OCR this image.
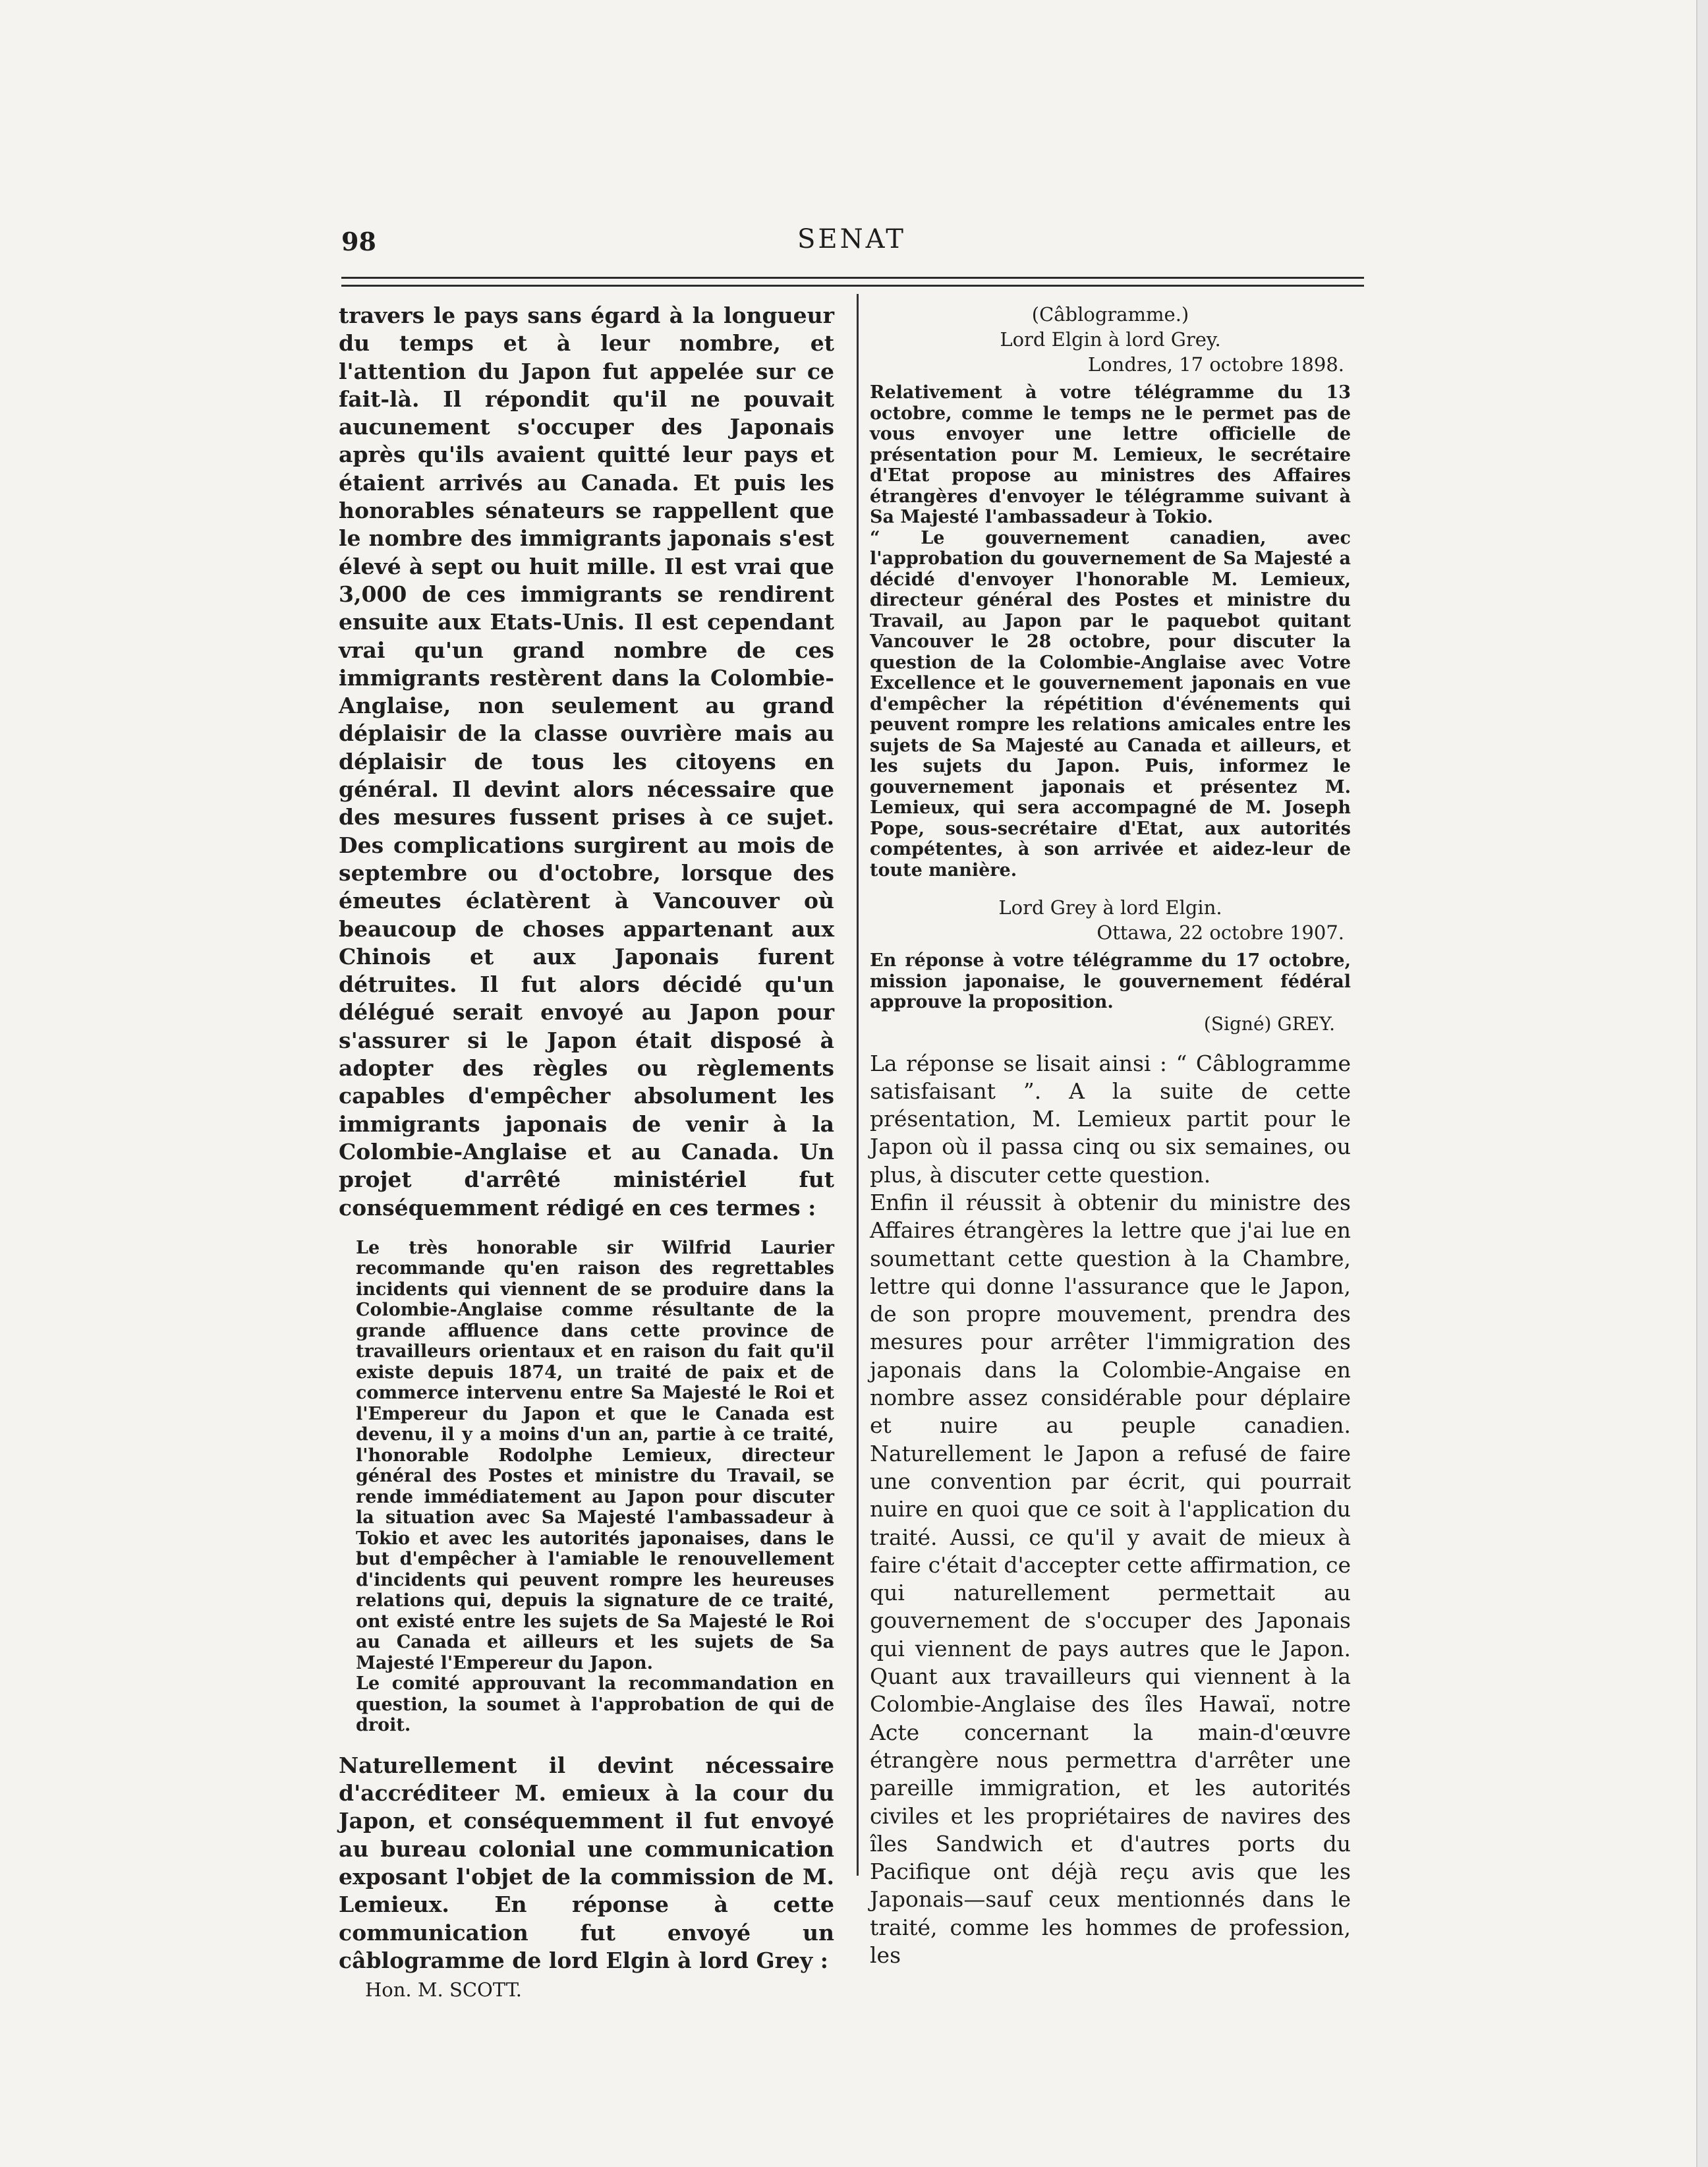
98	SENAT

travers le pays sans égard à la longueur du temps et à leur nombre, et l'attention du Japon fut appelée sur ce fait-là. Il répondit qu'il ne pouvait aucunement s'occuper des Japonais après qu'ils avaient quitté leur pays et étaient arrivés au Canada. Et puis les honorables sénateurs se rappellent que le nombre des immigrants japonais s'est élevé à sept ou huit mille. Il est vrai que 3,000 de ces immigrants se rendirent ensuite aux Etats-Unis. Il est cependant vrai qu'un grand nombre de ces immigrants restèrent dans la Colombie-Anglaise, non seulement au grand déplaisir de la classe ouvrière mais au déplaisir de tous les citoyens en général. Il devint alors nécessaire que des mesures fussent prises à ce sujet. Des complications surgirent au mois de septembre ou d'octobre, lorsque des émeutes éclatèrent à Vancouver où beaucoup de choses appartenant aux Chinois et aux Japonais furent détruites. Il fut alors décidé qu'un délégué serait envoyé au Japon pour s'assurer si le Japon était disposé à adopter des règles ou règlements capables d'empêcher absolument les immigrants japonais de venir à la Colombie-Anglaise et au Canada. Un projet d'arrêté ministériel fut conséquemment rédigé en ces termes :

Le très honorable sir Wilfrid Laurier recommande qu'en raison des regrettables incidents qui viennent de se produire dans la Colombie-Anglaise comme résultante de la grande affluence dans cette province de travailleurs orientaux et en raison du fait qu'il existe depuis 1874, un traité de paix et de commerce intervenu entre Sa Majesté le Roi et l'Empereur du Japon et que le Canada est devenu, il y a moins d'un an, partie à ce traité, l'honorable Rodolphe Lemieux, directeur général des Postes et ministre du Travail, se rende immédiatement au Japon pour discuter la situation avec Sa Majesté l'ambassadeur à Tokio et avec les autorités japonaises, dans le but d'empêcher à l'amiable le renouvellement d'incidents qui peuvent rompre les heureuses relations qui, depuis la signature de ce traité, ont existé entre les sujets de Sa Majesté le Roi au Canada et ailleurs et les sujets de Sa Majesté l'Empereur du Japon.

Le comité approuvant la recommandation en question, la soumet à l'approbation de qui de droit.

Naturellement il devint nécessaire d'accréditeer M. emieux à la cour du Japon, et conséquemment il fut envoyé au bureau colonial une communication exposant l'objet de la commission de M. Lemieux. En réponse à cette communication fut envoyé un câblogramme de lord Elgin à lord Grey :

Hon. M. SCOTT.

(Câblogramme.)

Lord Elgin à lord Grey.

Londres, 17 octobre 1898.

Relativement à votre télégramme du 13 octobre, comme le temps ne le permet pas de vous envoyer une lettre officielle de présentation pour M. Lemieux, le secrétaire d'Etat propose au ministres des Affaires étrangères d'envoyer le télégramme suivant à Sa Majesté l'ambassadeur à Tokio.

“ Le gouvernement canadien, avec l'approbation du gouvernement de Sa Majesté a décidé d'envoyer l'honorable M. Lemieux, directeur général des Postes et ministre du Travail, au Japon par le paquebot quitant Vancouver le 28 octobre, pour discuter la question de la Colombie-Anglaise avec Votre Excellence et le gouvernement japonais en vue d'empêcher la répétition d'événements qui peuvent rompre les relations amicales entre les sujets de Sa Majesté au Canada et ailleurs, et les sujets du Japon. Puis, informez le gouvernement japonais et présentez M. Lemieux, qui sera accompagné de M. Joseph Pope, sous-secrétaire d'Etat, aux autorités compétentes, à son arrivée et aidez-leur de toute manière.

Lord Grey à lord Elgin.

Ottawa, 22 octobre 1907.

En réponse à votre télégramme du 17 octobre, mission japonaise, le gouvernement fédéral approuve la proposition.

(Signé) GREY.

La réponse se lisait ainsi : “ Câblogramme satisfaisant ”. A la suite de cette présentation, M. Lemieux partit pour le Japon où il passa cinq ou six semaines, ou plus, à discuter cette question.

Enfin il réussit à obtenir du ministre des Affaires étrangères la lettre que j'ai lue en soumettant cette question à la Chambre, lettre qui donne l'assurance que le Japon, de son propre mouvement, prendra des mesures pour arrêter l'immigration des japonais dans la Colombie-Angaise en nombre assez considérable pour déplaire et nuire au peuple canadien. Naturellement le Japon a refusé de faire une convention par écrit, qui pourrait nuire en quoi que ce soit à l'application du traité. Aussi, ce qu'il y avait de mieux à faire c'était d'accepter cette affirmation, ce qui naturellement permettait au gouvernement de s'occuper des Japonais qui viennent de pays autres que le Japon. Quant aux travailleurs qui viennent à la Colombie-Anglaise des îles Hawaï, notre Acte concernant la main-d'œuvre étrangère nous permettra d'arrêter une pareille immigration, et les autorités civiles et les propriétaires de navires des îles Sandwich et d'autres ports du Pacifique ont déjà reçu avis que les Japonais—sauf ceux mentionnés dans le traité, comme les hommes de profession, les
